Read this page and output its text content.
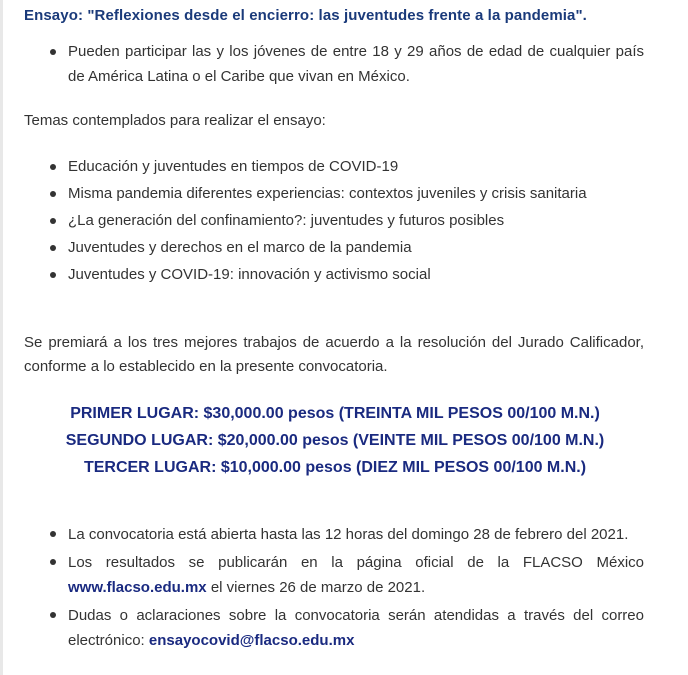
Ensayo: "Reflexiones desde el encierro: las juventudes frente a la pandemia".
Pueden participar las y los jóvenes de entre 18 y 29 años de edad de cualquier país de América Latina o el Caribe que vivan en México.
Temas contemplados para realizar el ensayo:
Educación y juventudes en tiempos de COVID-19
Misma pandemia diferentes experiencias: contextos juveniles y crisis sanitaria
¿La generación del confinamiento?: juventudes y futuros posibles
Juventudes y derechos en el marco de la pandemia
Juventudes y COVID-19: innovación y activismo social
Se premiará a los tres mejores trabajos de acuerdo a la resolución del Jurado Calificador, conforme a lo establecido en la presente convocatoria.
PRIMER LUGAR: $30,000.00 pesos (TREINTA MIL PESOS 00/100 M.N.)
SEGUNDO LUGAR: $20,000.00 pesos (VEINTE MIL PESOS 00/100 M.N.)
TERCER LUGAR: $10,000.00 pesos (DIEZ MIL PESOS 00/100 M.N.)
La convocatoria está abierta hasta las 12 horas del domingo 28 de febrero del 2021.
Los resultados se publicarán en la página oficial de la FLACSO México www.flacso.edu.mx el viernes 26 de marzo de 2021.
Dudas o aclaraciones sobre la convocatoria serán atendidas a través del correo electrónico: ensayocovid@flacso.edu.mx
